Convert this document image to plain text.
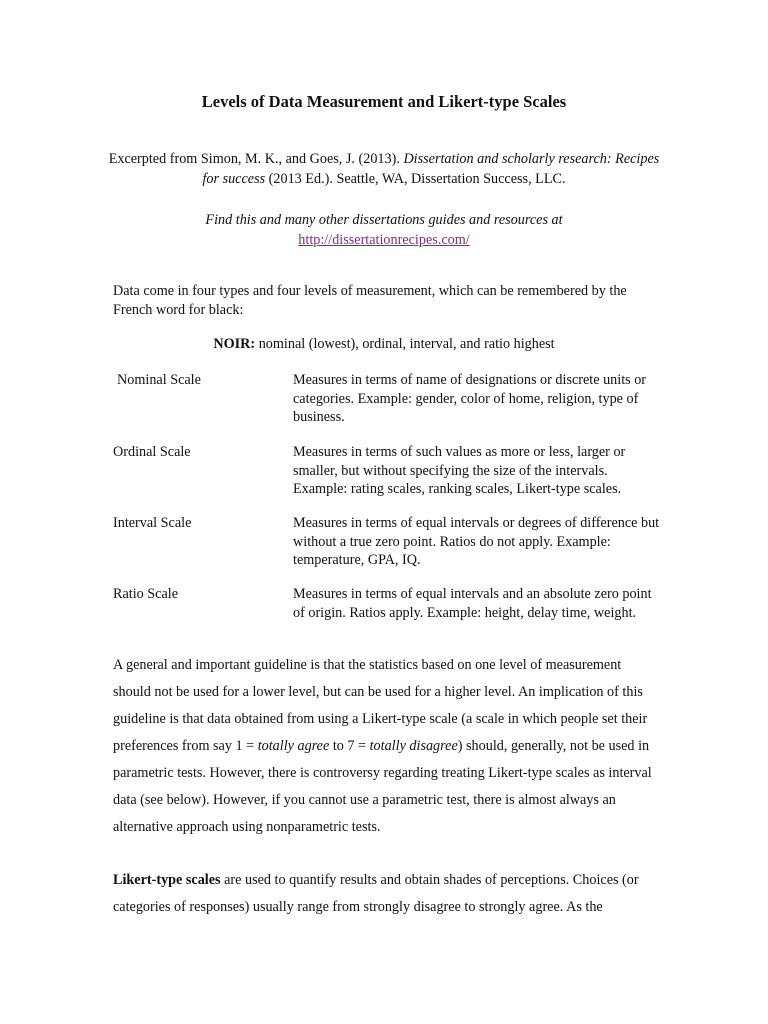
Levels of Data Measurement and Likert-type Scales
Excerpted from Simon, M. K., and Goes, J. (2013). Dissertation and scholarly research: Recipes for success (2013 Ed.). Seattle, WA, Dissertation Success, LLC.
Find this and many other dissertations guides and resources at
http://dissertationrecipes.com/
Data come in four types and four levels of measurement, which can be remembered by the French word for black:
NOIR: nominal (lowest), ordinal, interval, and ratio highest
Nominal Scale	Measures in terms of name of designations or discrete units or categories. Example: gender, color of home, religion, type of business.
Ordinal Scale	Measures in terms of such values as more or less, larger or smaller, but without specifying the size of the intervals. Example: rating scales, ranking scales, Likert-type scales.
Interval Scale	Measures in terms of equal intervals or degrees of difference but without a true zero point. Ratios do not apply. Example: temperature, GPA, IQ.
Ratio Scale	Measures in terms of equal intervals and an absolute zero point of origin. Ratios apply. Example: height, delay time, weight.
A general and important guideline is that the statistics based on one level of measurement should not be used for a lower level, but can be used for a higher level. An implication of this guideline is that data obtained from using a Likert-type scale (a scale in which people set their preferences from say 1 = totally agree to 7 = totally disagree) should, generally, not be used in parametric tests. However, there is controversy regarding treating Likert-type scales as interval data (see below). However, if you cannot use a parametric test, there is almost always an alternative approach using nonparametric tests.
Likert-type scales are used to quantify results and obtain shades of perceptions. Choices (or categories of responses) usually range from strongly disagree to strongly agree. As the
